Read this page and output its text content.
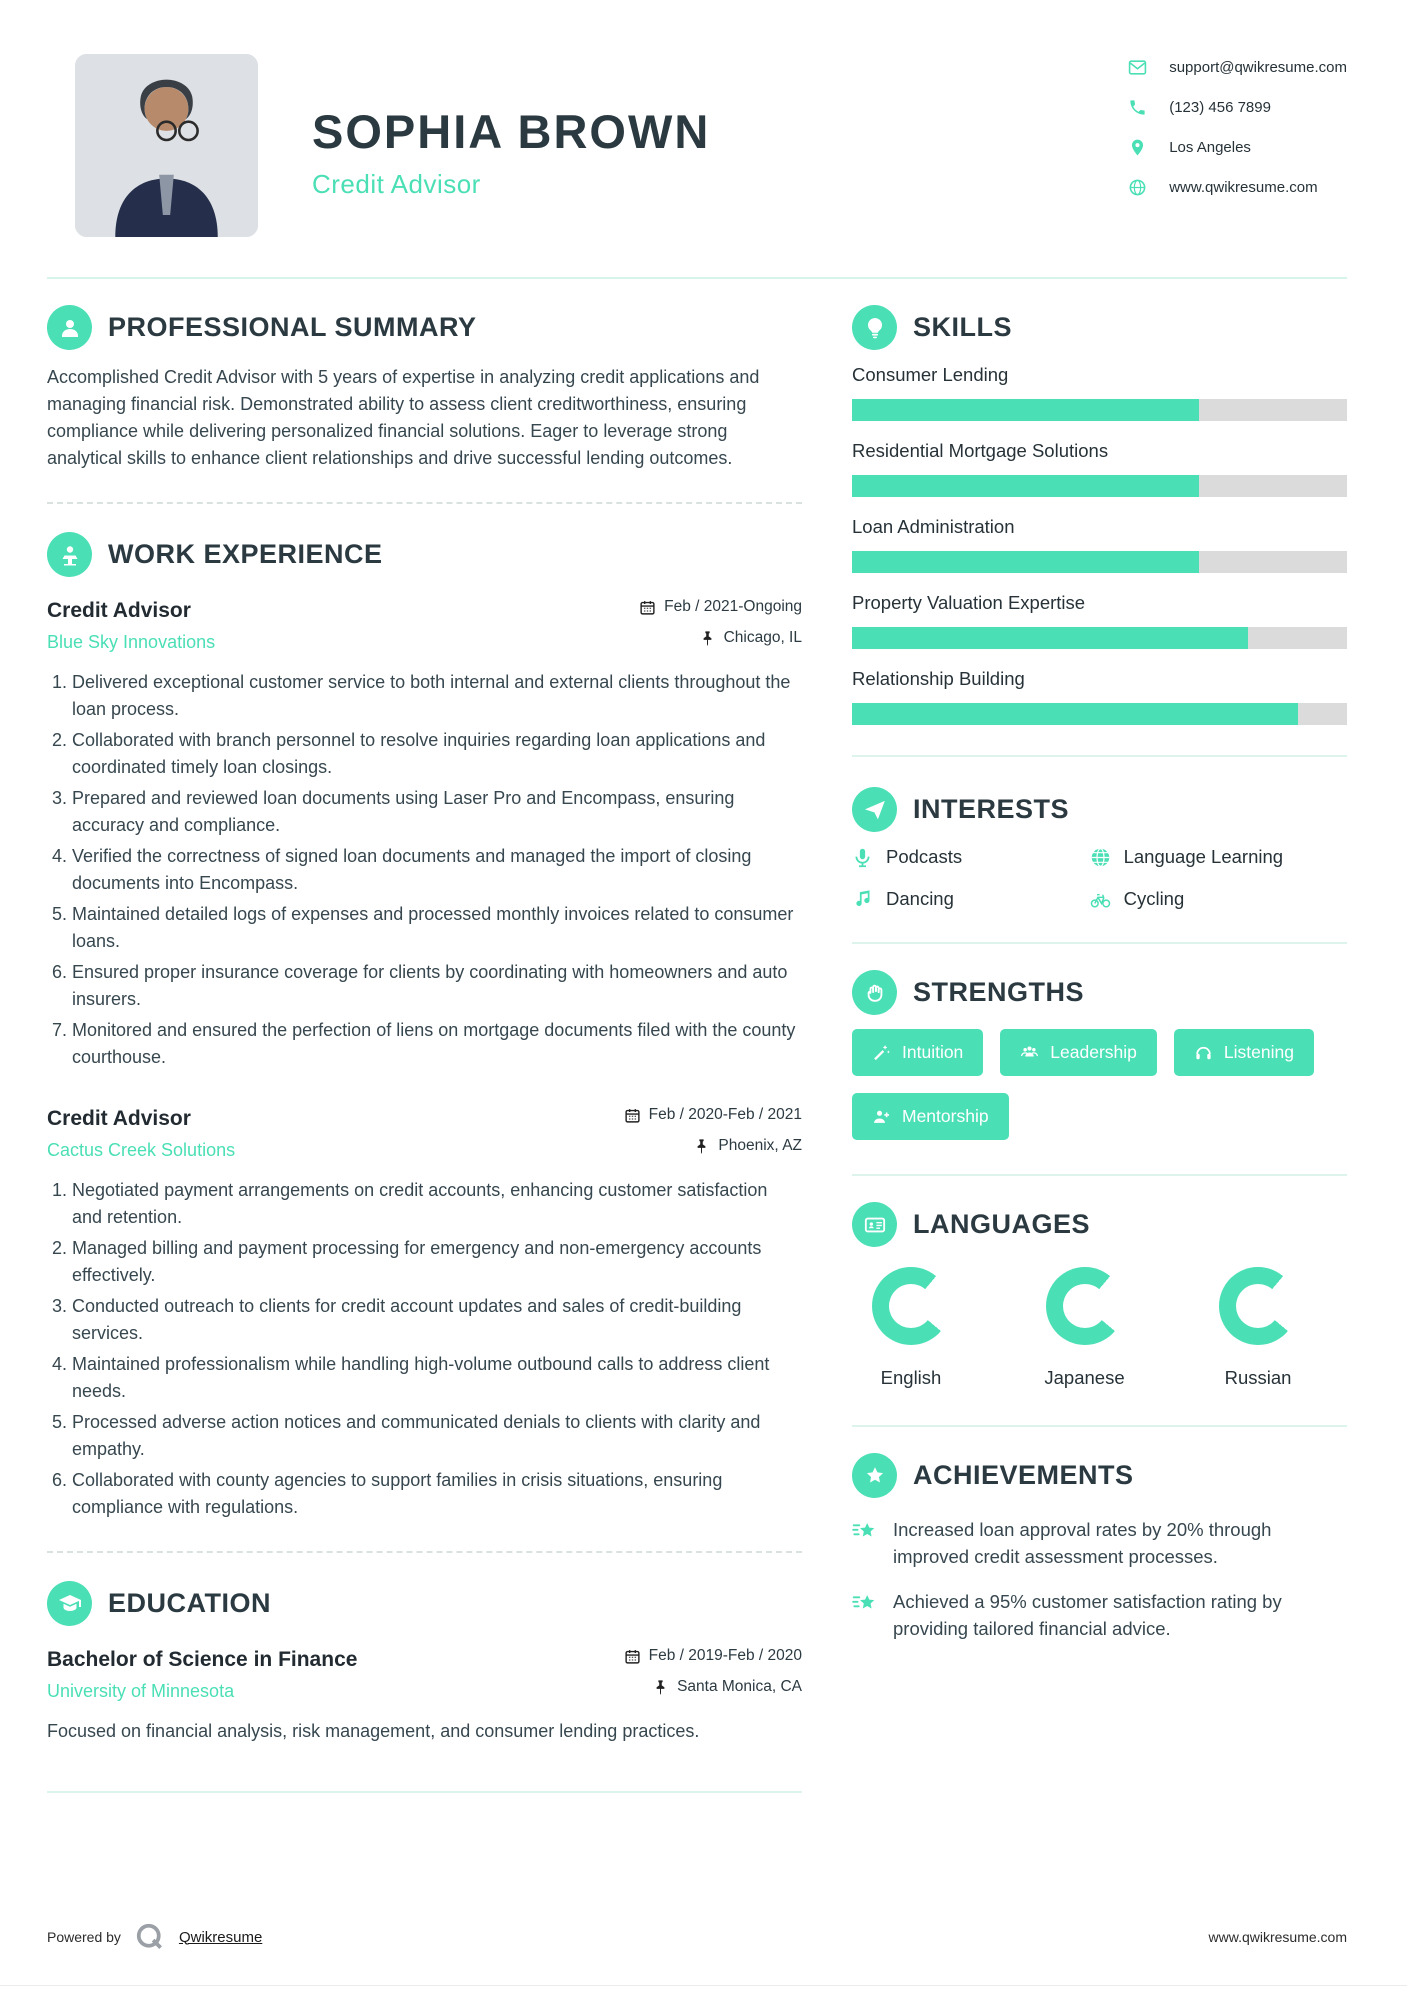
SOPHIA BROWN
Credit Advisor
support@qwikresume.com
(123) 456 7899
Los Angeles
www.qwikresume.com
PROFESSIONAL SUMMARY

Accomplished Credit Advisor with 5 years of expertise in analyzing credit applications and managing financial risk. Demonstrated ability to assess client creditworthiness, ensuring compliance while delivering personalized financial solutions. Eager to leverage strong analytical skills to enhance client relationships and drive successful lending outcomes.

WORK EXPERIENCE
Credit Advisor	Feb / 2021-Ongoing
Blue Sky Innovations	Chicago, IL
1. Delivered exceptional customer service to both internal and external clients throughout the loan process.
2. Collaborated with branch personnel to resolve inquiries regarding loan applications and coordinated timely loan closings.
3. Prepared and reviewed loan documents using Laser Pro and Encompass, ensuring accuracy and compliance.
4. Verified the correctness of signed loan documents and managed the import of closing documents into Encompass.
5. Maintained detailed logs of expenses and processed monthly invoices related to consumer loans.
6. Ensured proper insurance coverage for clients by coordinating with homeowners and auto insurers.
7. Monitored and ensured the perfection of liens on mortgage documents filed with the county courthouse.
Credit Advisor	Feb / 2020-Feb / 2021
Cactus Creek Solutions	Phoenix, AZ
1. Negotiated payment arrangements on credit accounts, enhancing customer satisfaction and retention.
2. Managed billing and payment processing for emergency and non-emergency accounts effectively.
3. Conducted outreach to clients for credit account updates and sales of credit-building services.
4. Maintained professionalism while handling high-volume outbound calls to address client needs.
5. Processed adverse action notices and communicated denials to clients with clarity and empathy.
6. Collaborated with county agencies to support families in crisis situations, ensuring compliance with regulations.
EDUCATION
Bachelor of Science in Finance	Feb / 2019-Feb / 2020
University of Minnesota	Santa Monica, CA

Focused on financial analysis, risk management, and consumer lending practices.

SKILLS
Consumer Lending
Residential Mortgage Solutions
Loan Administration
Property Valuation Expertise
Relationship Building
INTERESTS
Podcasts	Language Learning
Dancing	Cycling
STRENGTHS
Intuition	Leadership	Listening
Mentorship
LANGUAGES
English	Japanese	Russian
ACHIEVEMENTS
Increased loan approval rates by 20% through improved credit assessment processes.
Achieved a 95% customer satisfaction rating by providing tailored financial advice.
Powered by	Qwikresume	www.qwikresume.com
